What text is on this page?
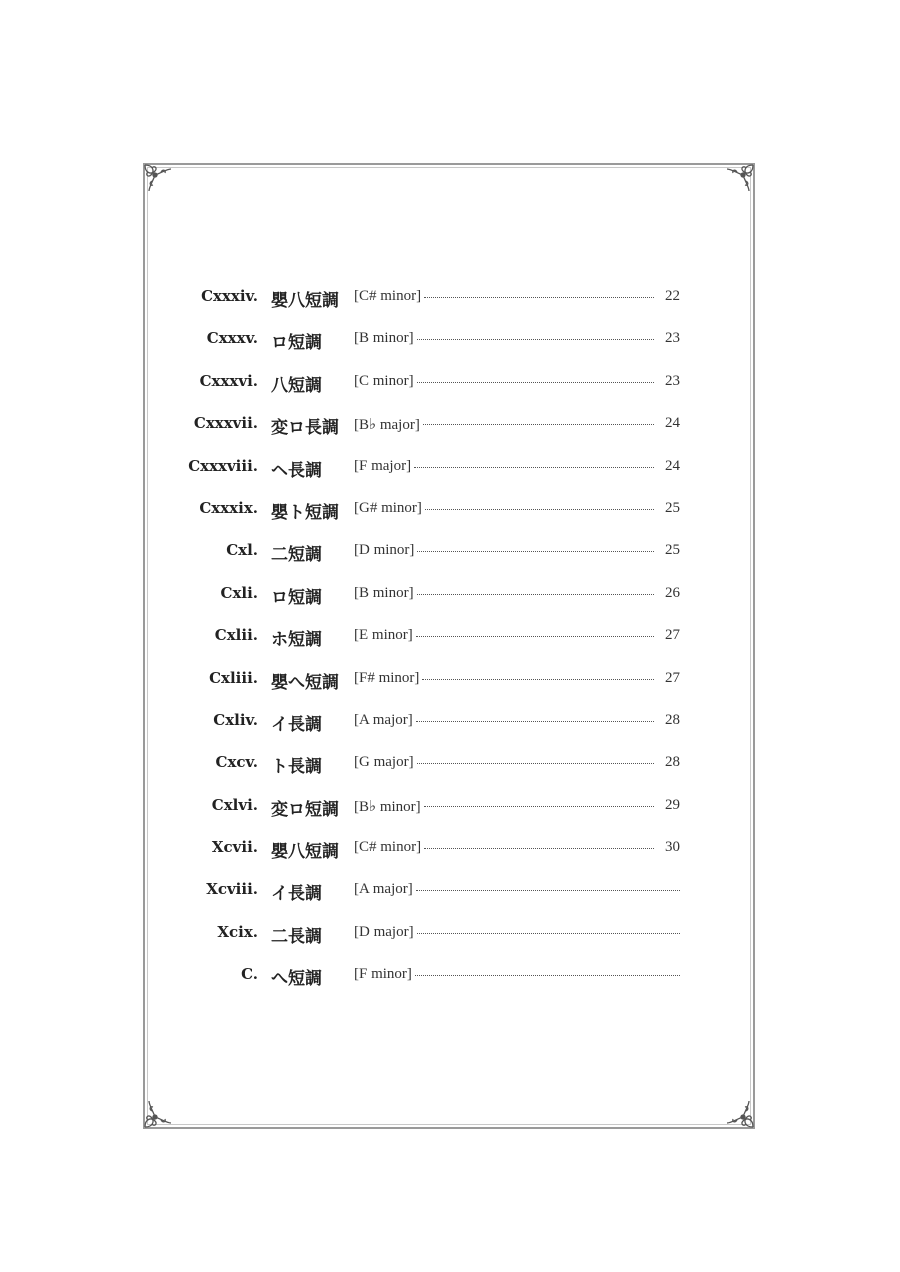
Cxxxiv. 嬰八短調 [C# minor]	22
Cxxxv. ロ短調 [B minor]	23
Cxxxvi. 八短調 [C minor]	23
Cxxxvii. 変ロ長調 [B♭ major]	24
Cxxxviii. ヘ長調 [F major]	24
Cxxxix. 嬰ト短調 [G# minor]	25
Cxl. 二短調 [D minor]	25
Cxli. ロ短調 [B minor]	26
Cxlii. ホ短調 [E minor]	27
Cxliii. 嬰へ短調 [F# minor]	27
Cxliv. イ長調 [A major]	28
Cxcv. ト長調 [G major]	28
Cxlvi. 変ロ短調 [B♭ minor]	29
Xcvii. 嬰八短調 [C# minor]	30
Xcviii. イ長調 [A major]
Xcix. 二長調 [D major]
C. へ短調 [F minor]
